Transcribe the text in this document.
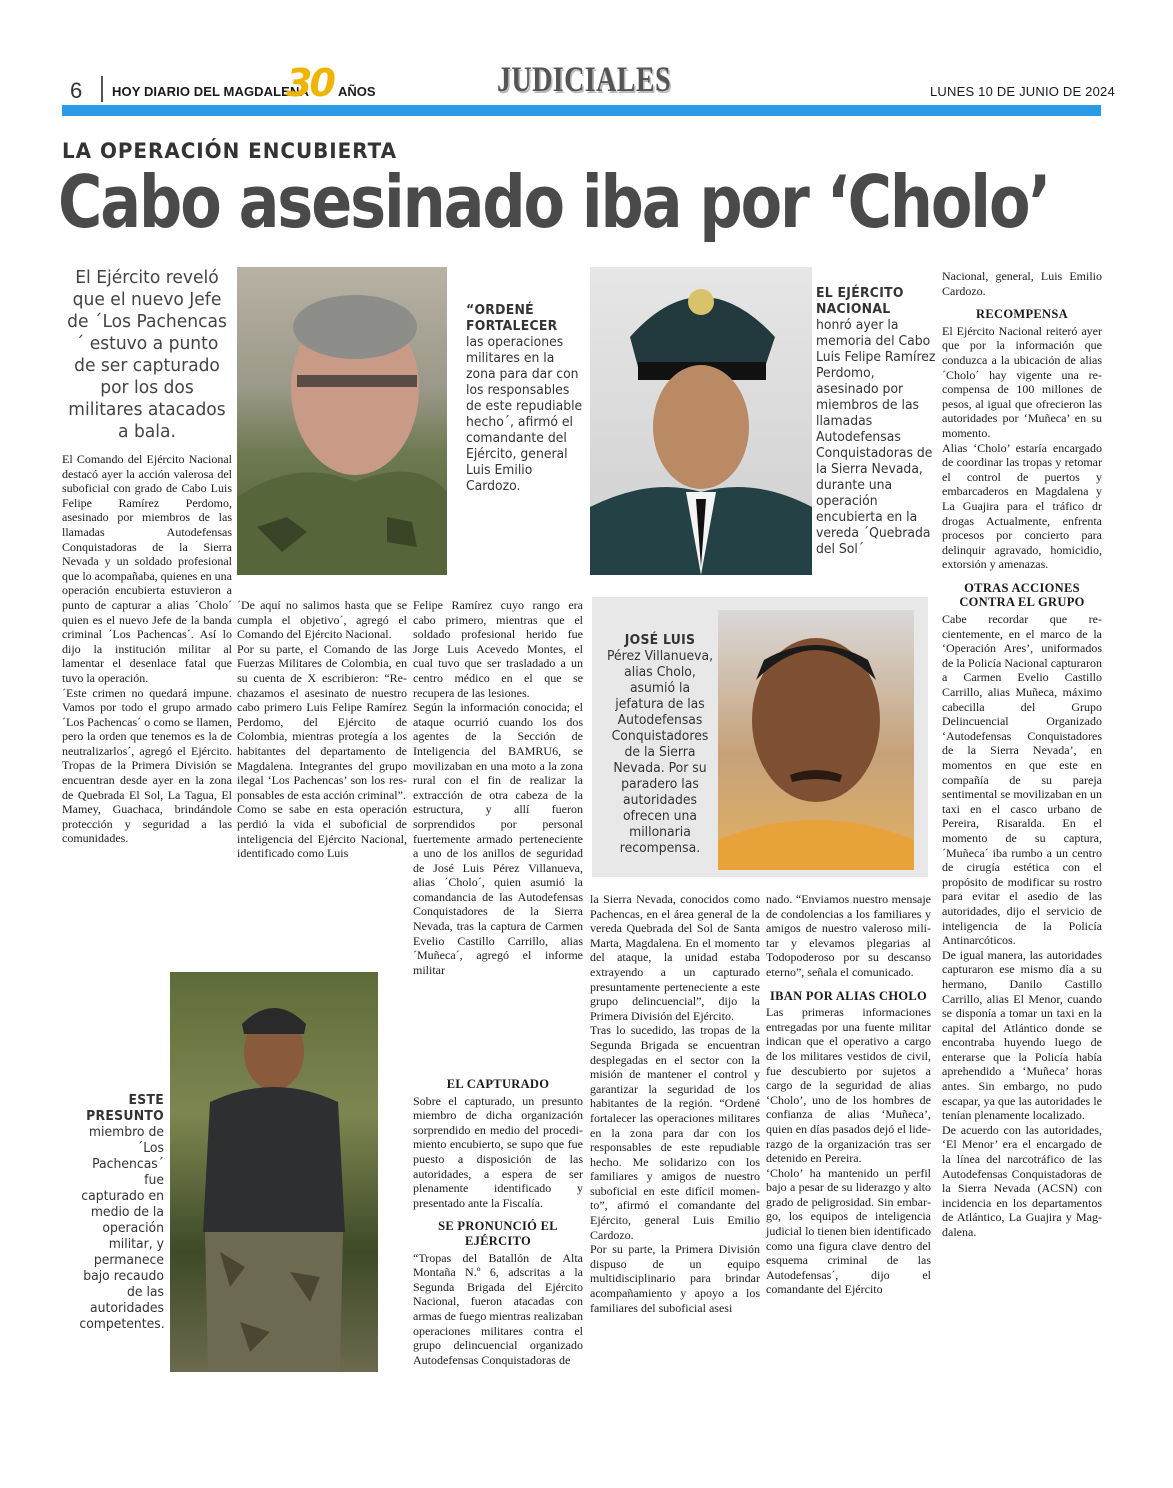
6 HOY DIARIO DEL MAGDALENA
30 AÑOS	JUDICIALES	LUNES 10 DE JUNIO DE 2024
LA OPERACIÓN ENCUBIERTA
Cabo asesinado iba por ‘Cholo’
El Ejército reveló que el nuevo Jefe de ´Los Pachencas´ estuvo a punto de ser capturado por los dos militares atacados a bala.
“ORDENÉ FORTALECER
las operaciones militares en la zona para dar con los responsables de este repudiable hecho´, afirmó el comandante del Ejército, general Luis Emilio Cardozo.
EL EJÉRCITO NACIONAL
honró ayer la memoria del Cabo Luis Felipe Ramírez Perdomo, asesinado por miembros de las llamadas Autodefensas Conquistadoras de la Sierra Nevada, durante una operación encubierta en la vereda ´Quebrada del Sol´
ESTE PRESUNTO
miembro de ´Los Pachencas´ fue capturado en medio de la operación militar, y permanece bajo recaudo de las autoridades competentes.
JOSÉ LUIS
Pérez Villanueva, alias Cholo, asumió la jefatura de las Autodefensas Conquistadores de la Sierra Nevada. Por su paradero las autoridades ofrecen una millonaria recompensa.

El Comando del Ejército Nacional destacó ayer la acción valerosa del suboficial con grado de Cabo Luis Felipe Ramírez Perdomo, asesinado por miembros de las llamadas Autodefensas Conquistadoras de la Sierra Nevada y un soldado profesional que lo acompañaba, quienes en una operación encubierta estuvieron a punto de capturar a alias ´Cholo´ quien es el nuevo Jefe de la banda criminal ´Los Pachencas´. Así lo dijo la institución militar al lamentar el desenlace fatal que tuvo la operación.

´Este crimen no quedará impune. Vamos por todo el grupo armado ´Los Pachencas´ o como se llamen, pero la orden que tenemos es la de neutralizarlos´, agregó el Ejército. Tropas de la Primera División se encuentran desde ayer en la zona de Quebrada El Sol, La Tagua, El Mamey, Guachaca, brindándole protección y seguridad a las comunidades.

´De aquí no salimos hasta que se cumpla el objetivo´, agregó el Comando del Ejército Nacional.

Por su parte, el Comando de las Fuerzas Militares de Colombia, en su cuenta de X escribieron: “Rechazamos el asesinato de nuestro cabo primero Luis Felipe Ramírez Perdomo, del Ejército de Colombia, mientras protegía a los habitantes del departamento de Magdalena. Integrantes del grupo ilegal ‘Los Pachencas’ son los responsables de esta acción criminal”.

Como se sabe en esta operación perdió la vida el suboficial de inteligencia del Ejército Nacional, identificado como Luis

Felipe Ramírez cuyo rango era cabo primero, mientras que el soldado profesional herido fue Jorge Luis Acevedo Montes, el cual tuvo que ser trasladado a un centro médico en el que se recupera de las lesiones.

Según la información conocida; el ataque ocurrió cuando los dos agentes de la Sección de Inteligencia del BAMRU6, se movilizaban en una moto a la zona rural con el fin de realizar la extracción de otra cabeza de la estructura, y allí fueron sorprendidos por personal fuertemente armado perteneciente a uno de los anillos de seguridad de José Luis Pérez Villanueva, alias ´Cholo´, quien asumió la comandancia de las Autodefensas Conquistadores de la Sierra Nevada, tras la captura de Carmen Evelio Castillo Carrillo, alias ´Muñeca´, agregó el informe militar

EL CAPTURADO

Sobre el capturado, un presunto miembro de dicha organización sorprendido en medio del procedimiento encubierto, se supo que fue puesto a disposición de las autoridades, a espera de ser plenamente identificado y presentado ante la Fiscalía.

SE PRONUNCIÓ EL EJÉRCITO

“Tropas del Batallón de Alta Montaña N.º 6, adscritas a la Segunda Brigada del Ejército Nacional, fueron atacadas con armas de fuego mientras realizaban operaciones militares contra el grupo delincuencial organizado Autodefensas Conquistadoras de

la Sierra Nevada, conocidos como Pachencas, en el área general de la vereda Quebrada del Sol de Santa Marta, Magdalena. En el momento del ataque, la unidad estaba extrayendo a un capturado presuntamente perteneciente a este grupo delincuencial”, dijo la Primera División del Ejército.

Tras lo sucedido, las tropas de la Segunda Brigada se encuentran desplegadas en el sector con la misión de mantener el control y garantizar la seguridad de los habitantes de la región. “Ordené fortalecer las operaciones militares en la zona para dar con los responsables de este repudiable hecho. Me solidarizo con los familiares y amigos de nuestro suboficial en este difícil momento”, afirmó el comandante del Ejército, general Luis Emilio Cardozo.

Por su parte, la Primera División dispuso de un equipo multidisciplinario para brindar acompañamiento y apoyo a los familiares del suboficial asesi

nado. “Enviamos nuestro mensaje de condolencias a los familiares y amigos de nuestro valeroso militar y elevamos plegarias al Todopoderoso por su descanso eterno”, señala el comunicado.

IBAN POR ALIAS CHOLO

Las primeras informaciones entregadas por una fuente militar indican que el operativo a cargo de los militares vestidos de civil, fue descubierto por sujetos a cargo de la seguridad de alias ‘Cholo’, uno de los hombres de confianza de alias ‘Muñeca’, quien en días pasados dejó el liderazgo de la organización tras ser detenido en Pereira.

‘Cholo’ ha mantenido un perfil bajo a pesar de su liderazgo y alto grado de peligrosidad. Sin embargo, los equipos de inteligencia judicial lo tienen bien identificado como una figura clave dentro del esquema criminal de las Autodefensas´, dijo el comandante del Ejército

Nacional, general, Luis Emilio Cardozo.

RECOMPENSA

El Ejército Nacional reiteró ayer que por la información que conduzca a la ubicación de alias ´Cholo´ hay vigente una recompensa de 100 millones de pesos, al igual que ofrecieron las autoridades por ‘Muñeca’ en su momento.

Alias ‘Cholo’ estaría encargado de coordinar las tropas y retomar el control de puertos y embarcaderos en Magdalena y La Guajira para el tráfico dr drogas Actualmente, enfrenta procesos por concierto para delinquir agravado, homicidio, extorsión y amenazas.

OTRAS ACCIONES CONTRA EL GRUPO

Cabe recordar que recientemente, en el marco de la ‘Operación Ares’, uniformados de la Policía Nacional capturaron a Carmen Evelio Castillo Carrillo, alias Muñeca, máximo cabecilla del Grupo Delincuencial Organizado ‘Autodefensas Conquistadores de la Sierra Nevada’, en momentos en que este en compañía de su pareja sentimental se movilizaban en un taxi en el casco urbano de Pereira, Risaralda. En el momento de su captura, ´Muñeca´ iba rumbo a un centro de cirugía estética con el propósito de modificar su rostro para evitar el asedio de las autoridades, dijo el servicio de inteligencia de la Policía Antinarcóticos.

De igual manera, las autoridades capturaron ese mismo día a su hermano, Danilo Castillo Carrillo, alias El Menor, cuando se disponía a tomar un taxi en la capital del Atlántico donde se encontraba huyendo luego de enterarse que la Policía había aprehendido a ‘Muñeca’ horas antes. Sin embargo, no pudo escapar, ya que las autoridades le tenían plenamente localizado.

De acuerdo con las autoridades, ‘El Menor’ era el encargado de la línea del narcotráfico de las Autodefensas Conquistadoras de la Sierra Nevada (ACSN) con incidencia en los departamentos de Atlántico, La Guajira y Magdalena.
